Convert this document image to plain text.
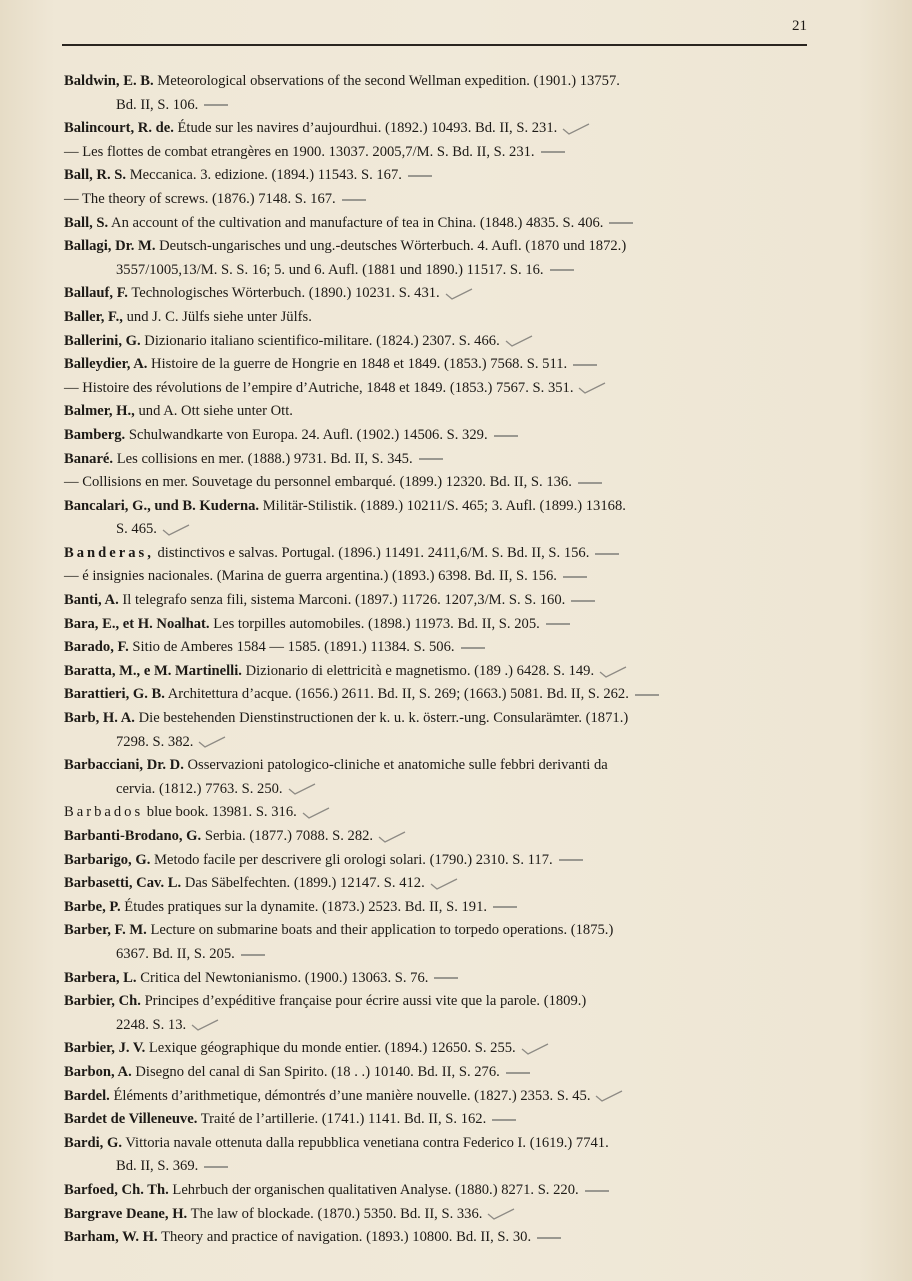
21
Baldwin, E. B. Meteorological observations of the second Wellman expedition. (1901.) 13757.
Bd. II, S. 106.
Balincourt, R. de. Étude sur les navires d’aujourdhui. (1892.) 10493. Bd. II, S. 231.
— Les flottes de combat etrangères en 1900. 13037. 2005,7/M. S. Bd. II, S. 231.
Ball, R. S. Meccanica. 3. edizione. (1894.) 11543. S. 167.
— The theory of screws. (1876.) 7148. S. 167.
Ball, S. An account of the cultivation and manufacture of tea in China. (1848.) 4835. S. 406.
Ballagi, Dr. M. Deutsch-ungarisches und ung.-deutsches Wörterbuch. 4. Aufl. (1870 und 1872.)
3557/1005,13/M. S. S. 16; 5. und 6. Aufl. (1881 und 1890.) 11517. S. 16.
Ballauf, F. Technologisches Wörterbuch. (1890.) 10231. S. 431.
Baller, F., und J. C. Jülfs siehe unter Jülfs.
Ballerini, G. Dizionario italiano scientifico-militare. (1824.) 2307. S. 466.
Balleydier, A. Histoire de la guerre de Hongrie en 1848 et 1849. (1853.) 7568. S. 511.
— Histoire des révolutions de l’empire d’Autriche, 1848 et 1849. (1853.) 7567. S. 351.
Balmer, H., und A. Ott siehe unter Ott.
Bamberg. Schulwandkarte von Europa. 24. Aufl. (1902.) 14506. S. 329.
Banaré. Les collisions en mer. (1888.) 9731. Bd. II, S. 345.
— Collisions en mer. Souvetage du personnel embarqué. (1899.) 12320. Bd. II, S. 136.
Bancalari, G., und B. Kuderna. Militär-Stilistik. (1889.) 10211/S. 465; 3. Aufl. (1899.) 13168.
S. 465.
Banderas, distinctivos e salvas. Portugal. (1896.) 11491. 2411,6/M. S. Bd. II, S. 156.
— é insignies nacionales. (Marina de guerra argentina.) (1893.) 6398. Bd. II, S. 156.
Banti, A. Il telegrafo senza fili, sistema Marconi. (1897.) 11726. 1207,3/M. S. S. 160.
Bara, E., et H. Noalhat. Les torpilles automobiles. (1898.) 11973. Bd. II, S. 205.
Barado, F. Sitio de Amberes 1584 — 1585. (1891.) 11384. S. 506.
Baratta, M., e M. Martinelli. Dizionario di elettricità e magnetismo. (189 .) 6428. S. 149.
Barattieri, G. B. Architettura d’acque. (1656.) 2611. Bd. II, S. 269; (1663.) 5081. Bd. II, S. 262.
Barb, H. A. Die bestehenden Dienstinstructionen der k. u. k. österr.-ung. Consularämter. (1871.)
7298. S. 382.
Barbacciani, Dr. D. Osservazioni patologico-cliniche et anatomiche sulle febbri derivanti da
cervia. (1812.) 7763. S. 250.
Barbados blue book. 13981. S. 316.
Barbanti-Brodano, G. Serbia. (1877.) 7088. S. 282.
Barbarigo, G. Metodo facile per descrivere gli orologi solari. (1790.) 2310. S. 117.
Barbasetti, Cav. L. Das Säbelfechten. (1899.) 12147. S. 412.
Barbe, P. Études pratiques sur la dynamite. (1873.) 2523. Bd. II, S. 191.
Barber, F. M. Lecture on submarine boats and their application to torpedo operations. (1875.)
6367. Bd. II, S. 205.
Barbera, L. Critica del Newtonianismo. (1900.) 13063. S. 76.
Barbier, Ch. Principes d’expéditive française pour écrire aussi vite que la parole. (1809.)
2248. S. 13.
Barbier, J. V. Lexique géographique du monde entier. (1894.) 12650. S. 255.
Barbon, A. Disegno del canal di San Spirito. (18 . .) 10140. Bd. II, S. 276.
Bardel. Éléments d’arithmetique, démontrés d’une manière nouvelle. (1827.) 2353. S. 45.
Bardet de Villeneuve. Traité de l’artillerie. (1741.) 1141. Bd. II, S. 162.
Bardi, G. Vittoria navale ottenuta dalla repubblica venetiana contra Federico I. (1619.) 7741.
Bd. II, S. 369.
Barfoed, Ch. Th. Lehrbuch der organischen qualitativen Analyse. (1880.) 8271. S. 220.
Bargrave Deane, H. The law of blockade. (1870.) 5350. Bd. II, S. 336.
Barham, W. H. Theory and practice of navigation. (1893.) 10800. Bd. II, S. 30.
